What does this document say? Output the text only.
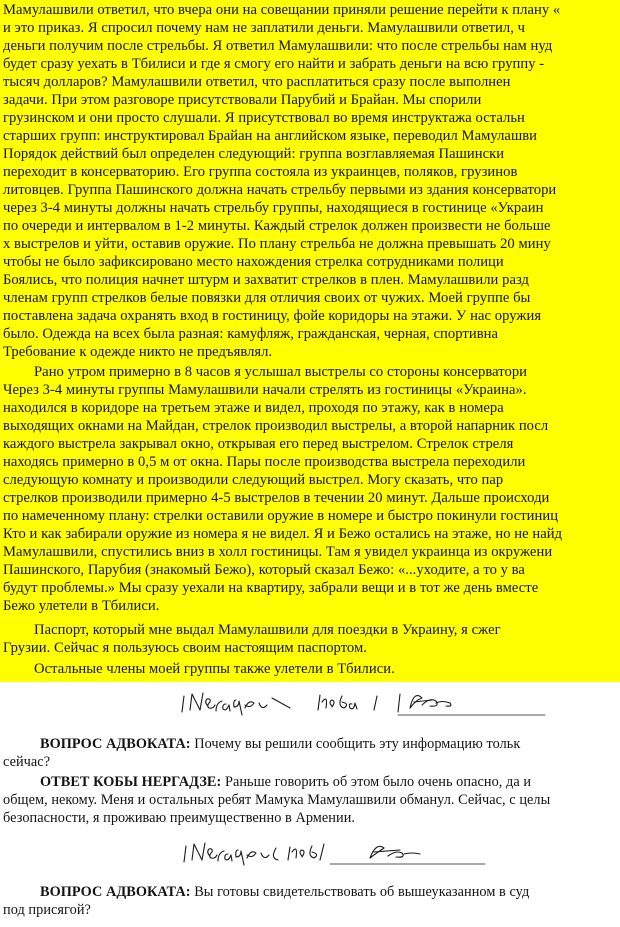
Мамулашвили ответил, что вчера они на совещании приняли решение перейти к плану «
и это приказ. Я спросил почему нам не заплатили деньги. Мамулашвили ответил, ч
деньги получим после стрельбы. Я ответил Мамулашвили: что после стрельбы нам нуд
будет сразу уехать в Тбилиси и где я смогу его найти и забрать деньги на всю группу -
тысяч долларов? Мамулашвили ответил, что расплатиться сразу после выполнен
задачи. При этом разговоре присутствовали Парубий и Брайан. Мы спорили
грузинском и они просто слушали. Я присутствовал во время инструктажа остальн
старших групп: инструктировал Брайан на английском языке, переводил Мамулашви
Порядок действий был определен следующий: группа возглавляемая Пашински
переходит в консерваторию. Его группа состояла из украинцев, поляков, грузинов
литовцев. Группа Пашинского должна начать стрельбу первыми из здания консерватори
через 3-4 минуты должны начать стрельбу группы, находящиеся в гостинице «Украин
по очереди и интервалом в 1-2 минуты. Каждый стрелок должен произвести не больше
х выстрелов и уйти, оставив оружие. По плану стрельба не должна превышать 20 мину
чтобы не было зафиксировано место нахождения стрелка сотрудниками полици
Боялись, что полиция начнет штурм и захватит стрелков в плен. Мамулашвили разд
членам групп стрелков белые повязки для отличия своих от чужих. Моей группе бы
поставлена задача охранять вход в гостиницу, фойе коридоры на этажи. У нас оружия
было. Одежда на всех была разная: камуфляж, гражданская, черная, спортивна
Требование к одежде никто не предъявлял.
Рано утром примерно в 8 часов я услышал выстрелы со стороны консерватори
Через 3-4 минуты группы Мамулашвили начали стрелять из гостиницы «Украина».
находился в коридоре на третьем этаже и видел, проходя по этажу, как в номера
выходящих окнами на Майдан, стрелок производил выстрелы, а второй напарник посл
каждого выстрела закрывал окно, открывая его перед выстрелом. Стрелок стреля
находясь примерно в 0,5 м от окна. Пары после производства выстрела переходили
следующую комнату и производили следующий выстрел. Могу сказать, что пар
стрелков производили примерно 4-5 выстрелов в течении 20 минут. Дальше происходи
по намеченному плану: стрелки оставили оружие в номере и быстро покинули гостиниц
Кто и как забирали оружие из номера я не видел. Я и Бежо остались на этаже, но не найд
Мамулашвили, спустились вниз в холл гостиницы. Там я увидел украинца из окружени
Пашинского, Парубия (знакомый Бежо), который сказал Бежо: «...уходите, а то у ва
будут проблемы.» Мы сразу уехали на квартиру, забрали вещи и в тот же день вместе
Бежо улетели в Тбилиси.
Паспорт, который мне выдал Мамулашвили для поездки в Украину, я сжег
Грузии. Сейчас я пользуюсь своим настоящим паспортом.
Остальные члены моей группы также улетели в Тбилиси.
ВОПРОС АДВОКАТА: Почему вы решили сообщить эту информацию тольк
сейчас?
ОТВЕТ КОБЫ НЕРГАДЗЕ: Раньше говорить об этом было очень опасно, да и
общем, некому. Меня и остальных ребят Мамука Мамулашвили обманул. Сейчас, с целы
безопасности, я проживаю преимущественно в Армении.
ВОПРОС АДВОКАТА: Вы готовы свидетельствовать об вышеуказанном в суд
под присягой?
